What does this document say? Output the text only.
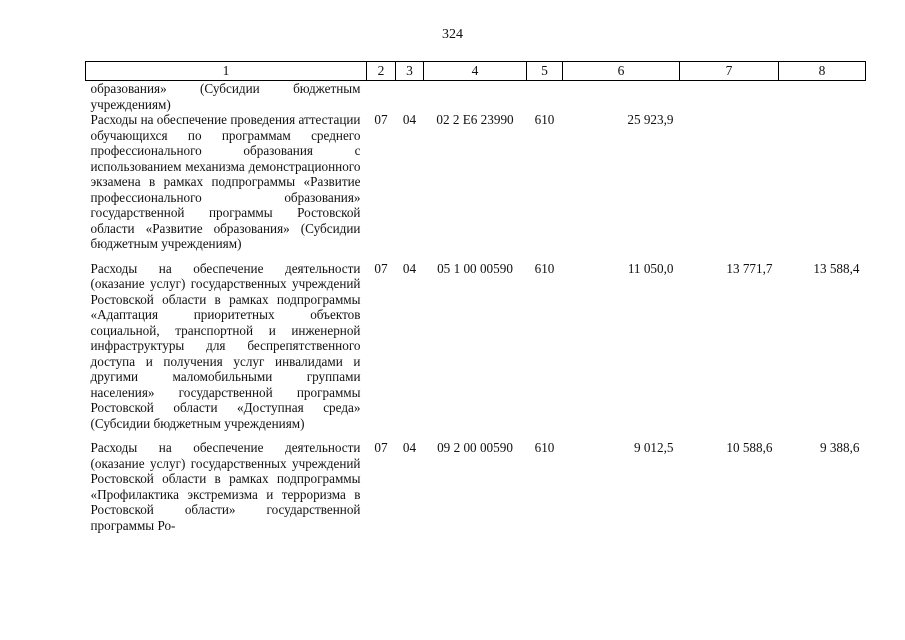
324
1	2	3	4	5	6	7	8
образования» (Субсидии бюджетным учреждениям)							
Расходы на обеспечение проведения аттестации обучающихся по программам среднего профессионального образования с использованием механизма демонстрационного экзамена в рамках подпрограммы «Развитие профессионального образования» государственной программы Ростовской области «Развитие образования» (Субсидии бюджетным учреждениям)	07	04	02 2 E6 23990	610	25 923,9		
Расходы на обеспечение деятельности (оказание услуг) государственных учреждений Ростовской области в рамках подпрограммы «Адаптация приоритетных объектов социальной, транспортной и инженерной инфраструктуры для беспрепятственного доступа и получения услуг инвалидами и другими маломобильными группами населения» государственной программы Ростовской области «Доступная среда» (Субсидии бюджетным учреждениям)	07	04	05 1 00 00590	610	11 050,0	13 771,7	13 588,4
Расходы на обеспечение деятельности (оказание услуг) государственных учреждений Ростовской области в рамках подпрограммы «Профилактика экстремизма и терроризма в Ростовской области» государственной программы Ро-	07	04	09 2 00 00590	610	9 012,5	10 588,6	9 388,6
